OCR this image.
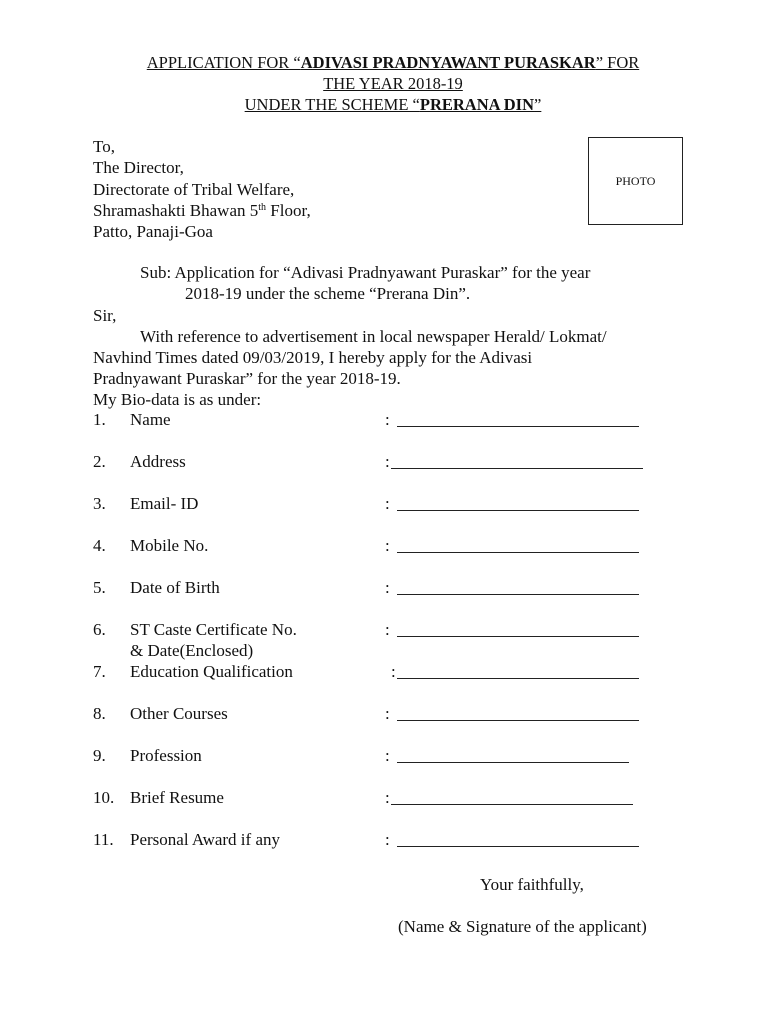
APPLICATION FOR “ADIVASI PRADNYAWANT PURASKAR” FOR
THE YEAR 2018-19
UNDER THE SCHEME “PRERANA DIN”
To,
The Director,
Directorate of Tribal Welfare,
Shramashakti Bhawan 5th Floor,
Patto, Panaji-Goa
PHOTO
Sub: Application for “Adivasi Pradnyawant Puraskar” for the year
2018-19 under the scheme “Prerana Din”.
Sir,
With reference to advertisement in local newspaper Herald/ Lokmat/
Navhind Times dated 09/03/2019, I hereby apply for the Adivasi
Pradnyawant Puraskar” for the year 2018-19.
My Bio-data is as under:
1. Name	:
2. Address	:
3. Email- ID	:
4. Mobile No.	:
5. Date of Birth	:
6. ST Caste Certificate No.	:
& Date(Enclosed)
7. Education Qualification	:
8. Other Courses	:
9. Profession	:
10. Brief Resume	:
11. Personal Award if any	:
Your faithfully,
(Name & Signature of the applicant)
